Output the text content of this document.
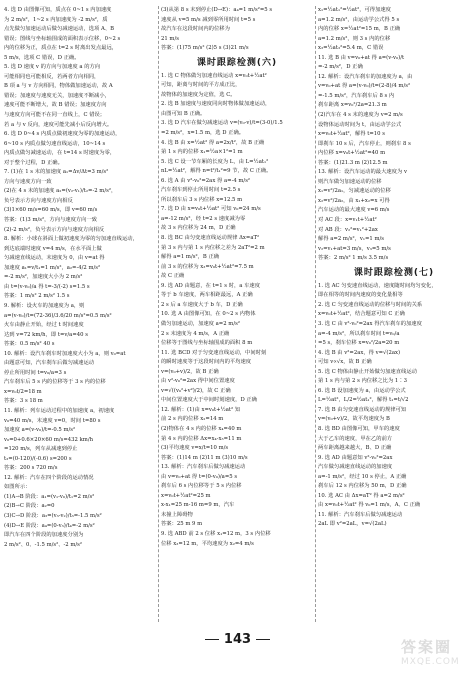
4. 选 D 由图像可知，质点在 0~1 s 内加速度
为 2 m/s²，1~2 s 内加速度为 -2 m/s²，质
点先做匀加速运动后做匀减速运动，选项 A、B
错误；图线与坐标轴围成的面积表示位移，0~2 s
内的位移为正，质点在 t=2 s 时离出发点最远，
5 m/s，选项 C 错误，D 正确。
5. 选 D 速度 v 的方向与加速度 a 的方向
可能相同也可能相反，若两者方向相同，
B 项 a 与 v 方向相同，物体做加速运动，故 A
错误；加速度与速度无关，加速度不断减小，
速度可能不断增大，故 B 错误；加速度方向
与速度方向可能不在同一直线上，C 错误；
若 a 与 v 反向，速度可能先减小后反向增大。
6. 选 D 0~4 s 内质点做初速度为零的加速运动，
6~10 s 内质点做匀速直线运动，10~14 s
内质点做匀减速运动，在 t=14 s 时速度为零，
对于整个过程，D 正确。
7. (1)在 1 s 末的加速度 a₁=Δv/Δt=3 m/s²
方向与速度方向一致
(2)在 4 s 末的加速度 a₂=(v₂-v₁)/t₂=-2 m/s²，
负号表示方向与速度方向相反
(3)1×60 m/s=60 m/s，即 v=60 m/s
答案：(1)3 m/s²，方向与速度方向一致
(2)-2 m/s²，负号表示方向与速度方向相反
8. 解析：小球在斜面上做初速度为零的匀加速直线运动，
到达底端时速度 v=4 m/s，在水平面上做
匀减速直线运动，末速度为 0，由 v=at 得
加速度 a₁=v/t₁=1 m/s²，a₂=-4/2 m/s²
=-2 m/s²，加速度大小为 2 m/s²
由 t=(v-v₀)/a 得 t=-3/(-2) s=1.5 s
答案：1 m/s² 2 m/s² 1.5 s
9. 解析：设火车的加速度为 a，则
a=(v-v₀)/t=(72-36)/3.6/20 m/s²=0.5 m/s²
火车由静止开始，经过 t 时间速度
达到 v=72 km/h，即 t=v/a=40 s
答案：0.5 m/s² 40 s
10. 解析：设汽车刹车时加速度大小为 a，则 v₀=at
由题意可知，汽车刹车后做匀减速运动
停止所用时间 t=v₀/a=3 s
汽车刹车后 5 s 内的位移等于 3 s 内的位移
x=v₀t/2=18 m
答案：3 s 18 m
11. 解析：列车运动过程中的加速度 a，初速度
v₀=40 m/s，末速度 v=0，时间 t=80 s
加速度 a=(v-v₀)/t=-0.5 m/s²
v₀=0+0.6×20×60 m/s=432 km/h
=120 m/s，列车从减速到停止
t₃=(0-120)/(-0.6) s=200 s
答案：200 s 720 m/s
12. 解析：汽车在四个阶段的运动情况
如图所示：
(1)A→B 阶段：a₁=(v₁-v₀)/t₁=2 m/s²
(2)B→C 阶段：a₂=0
(3)C→D 阶段：a₃=(v₃-v₂)/t₃=-1.5 m/s²
(4)D→E 阶段：a₄=(0-v₃)/t₄=-2 m/s²
即汽车在四个阶段的加速度分别为
2 m/s²、0、-1.5 m/s²、-2 m/s²
(3)从第 8 s 末到停止(D→E)：a₄=1 m/s²=5 s
速度从 v=5 m/s 减到零所用时间 t=5 s
故汽车在这段时间内的位移为
21 m/s
答案：(1)75 m/s² (2)5 s (3)21 m/s
课时跟踪检测(六)
1. 选 C 物体做匀加速直线运动 x=v₀t+½at²
可知，距离与时间的平方成正比，
故物体的加速度为定值，选 C。
2. 选 B 加速度与速度同向时物体做加速运动，
由图可知 B 正确。
3. 选 D 汽车在做匀减速运动 v=(v₀-v)/t=(3-0)/1.5
=2 m/s²，x=1.5 m，选 D 正确。
4. 选 B 由 x=½at² 得 a=2x/t²，故 B 正确
第 1 s 内的位移 x₁=½a×1²=1 m
5. 选 C 设一节车厢的长度为 L，由 L=½at₁²
nL=½at²，解得 n=t²/t₁²=9 节，故 C 正确。
6. 选 A 由 v²-v₀²=2ax 得 a=-4 m/s²
汽车刹车到停止所用时间 t=2.5 s
所以刹车后 3 s 内位移 x=12.5 m
7. 选 D 由 x=v₀t+½at² 可知 v₀=24 m/s
a=-12 m/s²，经 t=2 s 速度减为零
故 3 s 内位移为 24 m，D 正确
8. 选 BC 由匀变速直线运动规律 Δx=aT²
第 3 s 内与第 1 s 内位移之差为 2aT²=2 m
解得 a=1 m/s²，B 正确
前 3 s 的位移为 x₃=v₀t+½at²=7.5 m
故 C 正确
9. 选 AD 由题意，在 t=1 s 时，a 车速度
等于 b 车速度，两车相距最远，A 正确
2 s 后 a 车速度大于 b 车，D 正确
10. 选 A 由图像可知，在 0~2 s 内物体
做匀加速运动，加速度 a=2 m/s²
2 s 末速度为 4 m/s，A 正确
位移等于图线与坐标轴围成的面积 8 m
11. 选 BCD 对于匀变速直线运动，中间时刻
的瞬时速度等于这段时间内的平均速度
v=(v₀+v)/2，故 B 正确
由 v²-v₀²=2ax 得中间位置速度
v=√((v₀²+v²)/2)，故 C 正确
中间位置速度大于中间时刻速度，D 正确
12. 解析：(1)由 x=v₀t+½at² 知
前 2 s 内的位移 x₂=14 m
(2)物体在 4 s 内的位移 x₄=40 m
第 4 s 内的位移 Δx=x₄-x₃=11 m
(3)平均速度 v=x/t=10 m/s
答案：(1)14 m (2)11 m (3)10 m/s
13. 解析：汽车刹车后做匀减速运动
由 v=v₀+at 得 t=(0-v₀)/a=5 s
刹车后 6 s 内位移等于 5 s 内位移
x=v₀t+½at²=25 m
x-x₁=25 m-16 m=9 m，汽车
未撞上障碍物
答案：25 m 9 m
9. 选 ABD 前 2 s 位移 x₁=12 m，3 s 内位移
位移 x₃=12 m，平均速度为 x₂=4 m/s
x₁=½at₁²=½at²，可得加速度
a=1.2 m/s²，由运动学公式得 5 s
内的位移 x=½at²=15 m，B 正确
a=1.2 m/s²，则 3 s 内的位移
x₃=½at₃²=5.4 m，C 错误
11. 选 B 由 v=v₀+at 得 a=(v-v₀)/t
=-2 m/s²，D 正确
12. 解析：设汽车刹车的加速度为 a，由
v=v₀+at 得 a=(v-v₀)/t=(2-8)/4 m/s²
=-1.5 m/s²，汽车刹车后 8 s 内
刹车距离 x=v₀²/2a=21.3 m
(2)汽车在 4 s 末的速度为 v=2 m/s
设物体运动时间为 t，由运动学公式
x=v₀t+½at²，解得 t=10 s
即刹车 10 s 后，汽车停止，则刹车 8 s
内位移 x=v₀t+½at²=40 m
答案：(1)21.3 m (2)12.5 m
13. 解析：设汽车运动的最大速度为 v
则汽车做匀加速运动的位移
x₁=v²/2a₁，匀减速运动的位移
x₂=v²/2a₂，由 x₁+x₂=x 可得
汽车运动的最大速度 v=6 m/s
对 AC 段：x=v₁t+½at²
对 AB 段：v₂²=v₁²+2ax
解得 a=2 m/s²，v₁=1 m/s
v₂=v₁+at=3 m/s，v₃=5 m/s
答案：2 m/s² 1 m/s 3.5 m/s
课时跟踪检测(七)
1. 选 AC 匀变速直线运动，速度随时间均匀变化，
即在相等的时间内速度的变化量相等
2. 选 C 匀变速直线运动的位移与时间的关系
x=v₀t+½at²，结合题意可知 C 正确
3. 选 C 由 v²-v₀²=2ax 得汽车刹车的加速度
a=-4 m/s²，所以刹车时间 t=v₀/a
=5 s，刹车位移 x=v₀²/2a=20 m
4. 选 B 由 v²=2ax，得 v=√(2ax)
可知 v∝√x，故 B 正确
5. 选 C 物体由静止开始做匀加速直线运动
第 1 s 内与第 2 s 内位移之比为 1∶3
6. 选 B 设加速度为 a，由运动学公式
L=½at²，L/2=½at₁²，解得 t₁=t/√2
7. 选 B 由匀变速直线运动的规律可知
v=(v₀+v)/2，故平均速度为 B
8. 选 BD 由图像可知，甲车的速度
大于乙车的速度，甲在乙的前方
两车距离越来越大，B、D 正确
9. 选 AD 由题意知 v²-v₀²=2ax
汽车做匀减速直线运动的加速度
a=-1 m/s²，经过 10 s 停止，A 正确
刹车后 12 s 内位移为 50 m，D 正确
10. 选 AC 由 Δx=aT² 得 a=2 m/s²
由 x=v₀t+½at² 得 v₀=1 m/s，A、C 正确
11. 解析：汽车刹车后做匀减速运动
2aL 即 v²=2aL，v=√(2aL)
143	答案圈
MXQE.COM
